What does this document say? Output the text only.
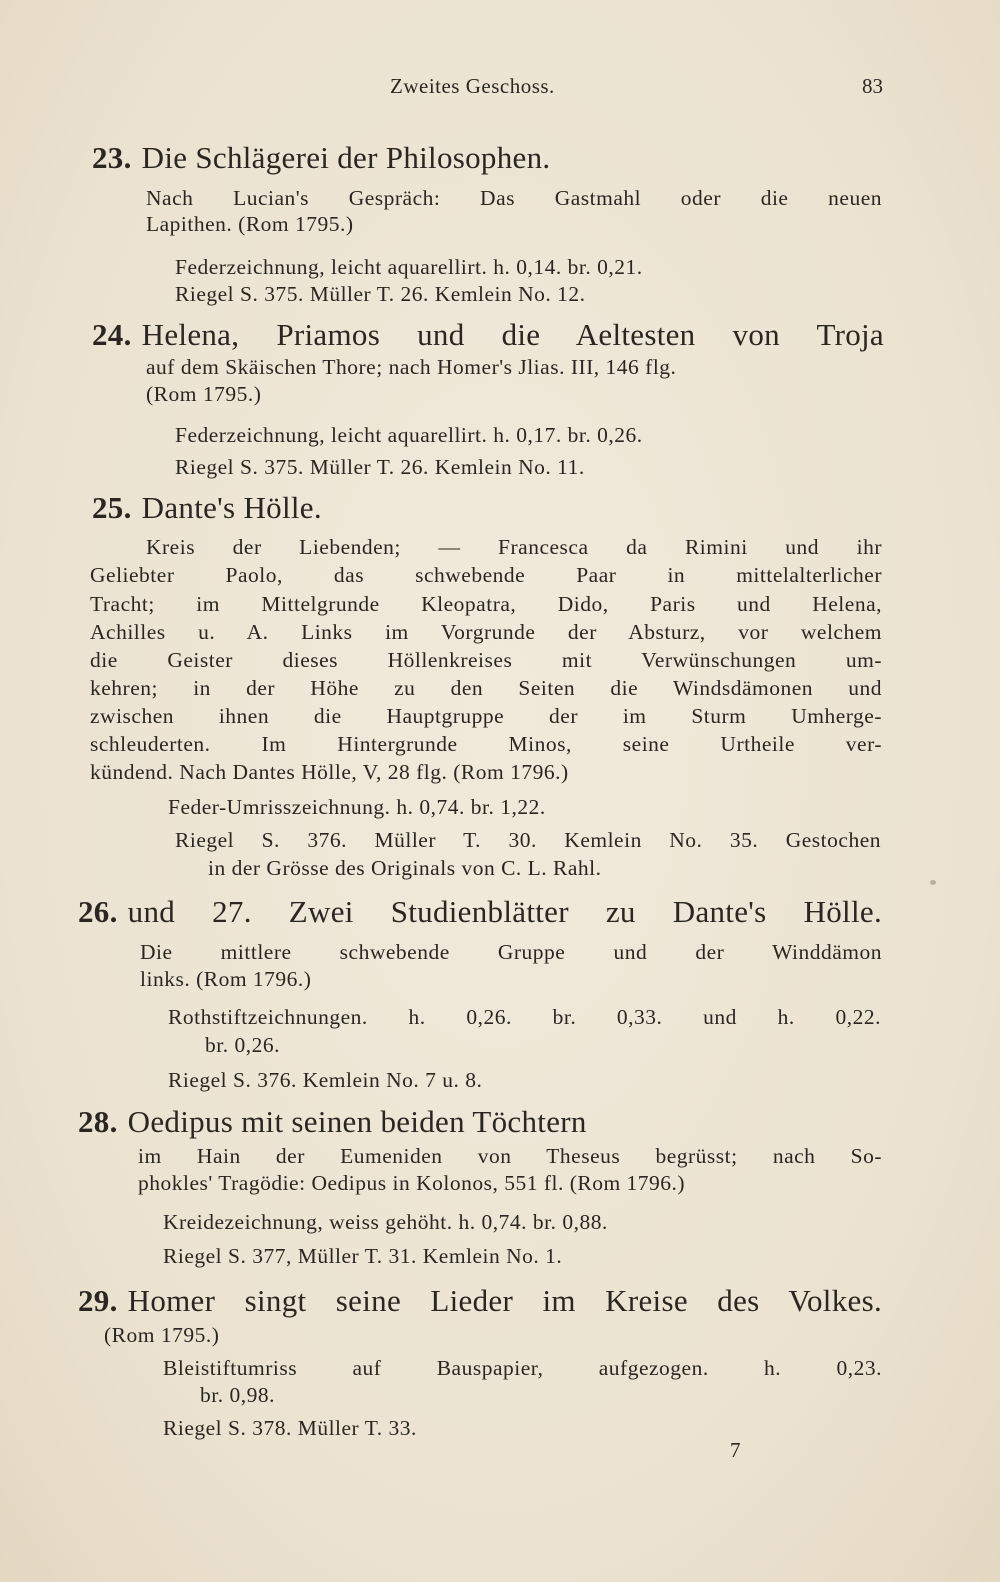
Zweites Geschoss.	83
23. Die Schlägerei der Philosophen.
Nach Lucian's Gespräch: Das Gastmahl oder die neuen
Lapithen. (Rom 1795.)
Federzeichnung, leicht aquarellirt. h. 0,14. br. 0,21.
Riegel S. 375. Müller T. 26. Kemlein No. 12.
24. Helena, Priamos und die Aeltesten von Troja
auf dem Skäischen Thore; nach Homer's Jlias. III, 146 flg.
(Rom 1795.)
Federzeichnung, leicht aquarellirt. h. 0,17. br. 0,26.
Riegel S. 375. Müller T. 26. Kemlein No. 11.
25. Dante's Hölle.
Kreis der Liebenden; — Francesca da Rimini und ihr
Geliebter Paolo, das schwebende Paar in mittelalterlicher
Tracht; im Mittelgrunde Kleopatra, Dido, Paris und Helena,
Achilles u. A. Links im Vorgrunde der Absturz, vor welchem
die Geister dieses Höllenkreises mit Verwünschungen um-
kehren; in der Höhe zu den Seiten die Windsdämonen und
zwischen ihnen die Hauptgruppe der im Sturm Umherge-
schleuderten. Im Hintergrunde Minos, seine Urtheile ver-
kündend. Nach Dantes Hölle, V, 28 flg. (Rom 1796.)
Feder-Umrisszeichnung. h. 0,74. br. 1,22.
Riegel S. 376. Müller T. 30. Kemlein No. 35. Gestochen
in der Grösse des Originals von C. L. Rahl.
26. und 27. Zwei Studienblätter zu Dante's Hölle.
Die mittlere schwebende Gruppe und der Winddämon
links. (Rom 1796.)
Rothstiftzeichnungen. h. 0,26. br. 0,33. und h. 0,22.
br. 0,26.
Riegel S. 376. Kemlein No. 7 u. 8.
28. Oedipus mit seinen beiden Töchtern
im Hain der Eumeniden von Theseus begrüsst; nach So-
phokles' Tragödie: Oedipus in Kolonos, 551 fl. (Rom 1796.)
Kreidezeichnung, weiss gehöht. h. 0,74. br. 0,88.
Riegel S. 377, Müller T. 31. Kemlein No. 1.
29. Homer singt seine Lieder im Kreise des Volkes.
(Rom 1795.)
Bleistiftumriss auf Bauspapier, aufgezogen. h. 0,23.
br. 0,98.
Riegel S. 378. Müller T. 33.
7
